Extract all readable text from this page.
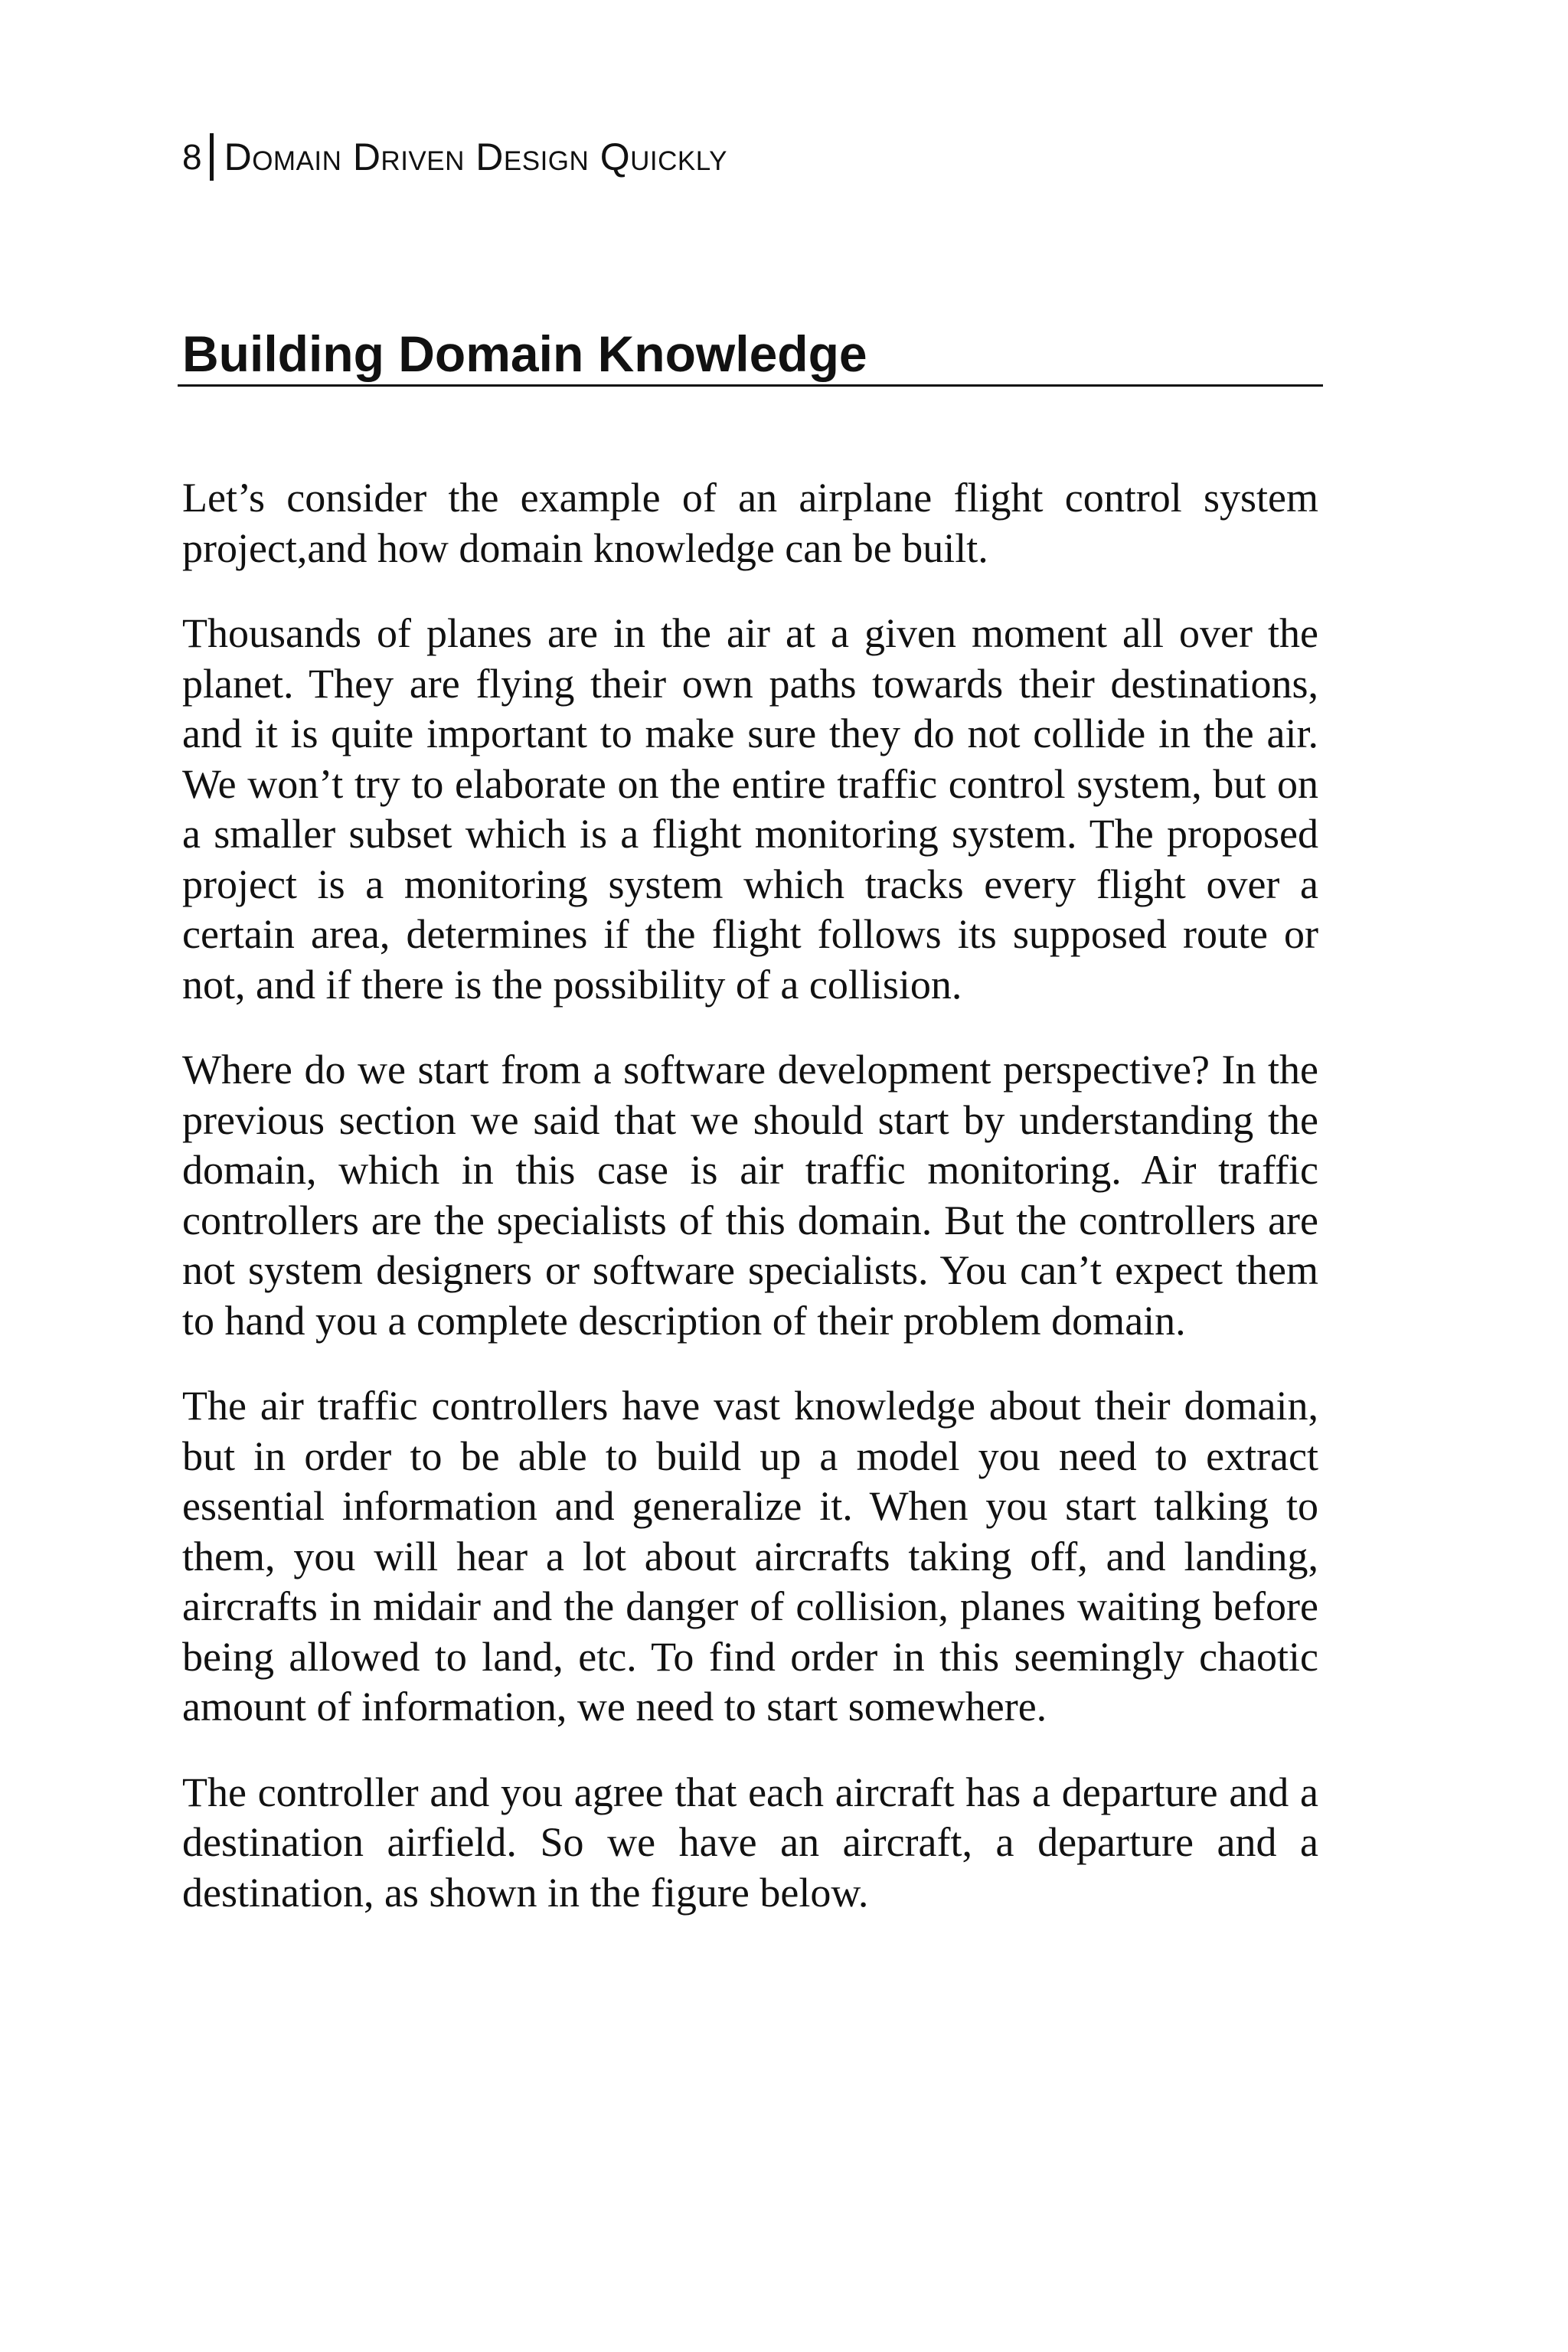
8 Domain Driven Design Quickly
Building Domain Knowledge

Let’s consider the example of an airplane flight control system project,and how domain knowledge can be built.

Thousands of planes are in the air at a given moment all over the planet. They are flying their own paths towards their destinations, and it is quite important to make sure they do not collide in the air. We won’t try to elaborate on the entire traffic control system, but on a smaller subset which is a flight monitoring system. The proposed project is a monitoring system which tracks every flight over a certain area, determines if the flight follows its supposed route or not, and if there is the possibility of a collision.

Where do we start from a software development perspective? In the previous section we said that we should start by understanding the domain, which in this case is air traffic monitoring. Air traffic controllers are the specialists of this domain. But the controllers are not system designers or software specialists. You can’t expect them to hand you a complete description of their problem domain.

The air traffic controllers have vast knowledge about their domain, but in order to be able to build up a model you need to extract essential information and generalize it. When you start talking to them, you will hear a lot about aircrafts taking off, and landing, aircrafts in midair and the danger of collision, planes waiting before being allowed to land, etc. To find order in this seemingly chaotic amount of information, we need to start somewhere.

The controller and you agree that each aircraft has a departure and a destination airfield. So we have an aircraft, a departure and a destination, as shown in the figure below.
